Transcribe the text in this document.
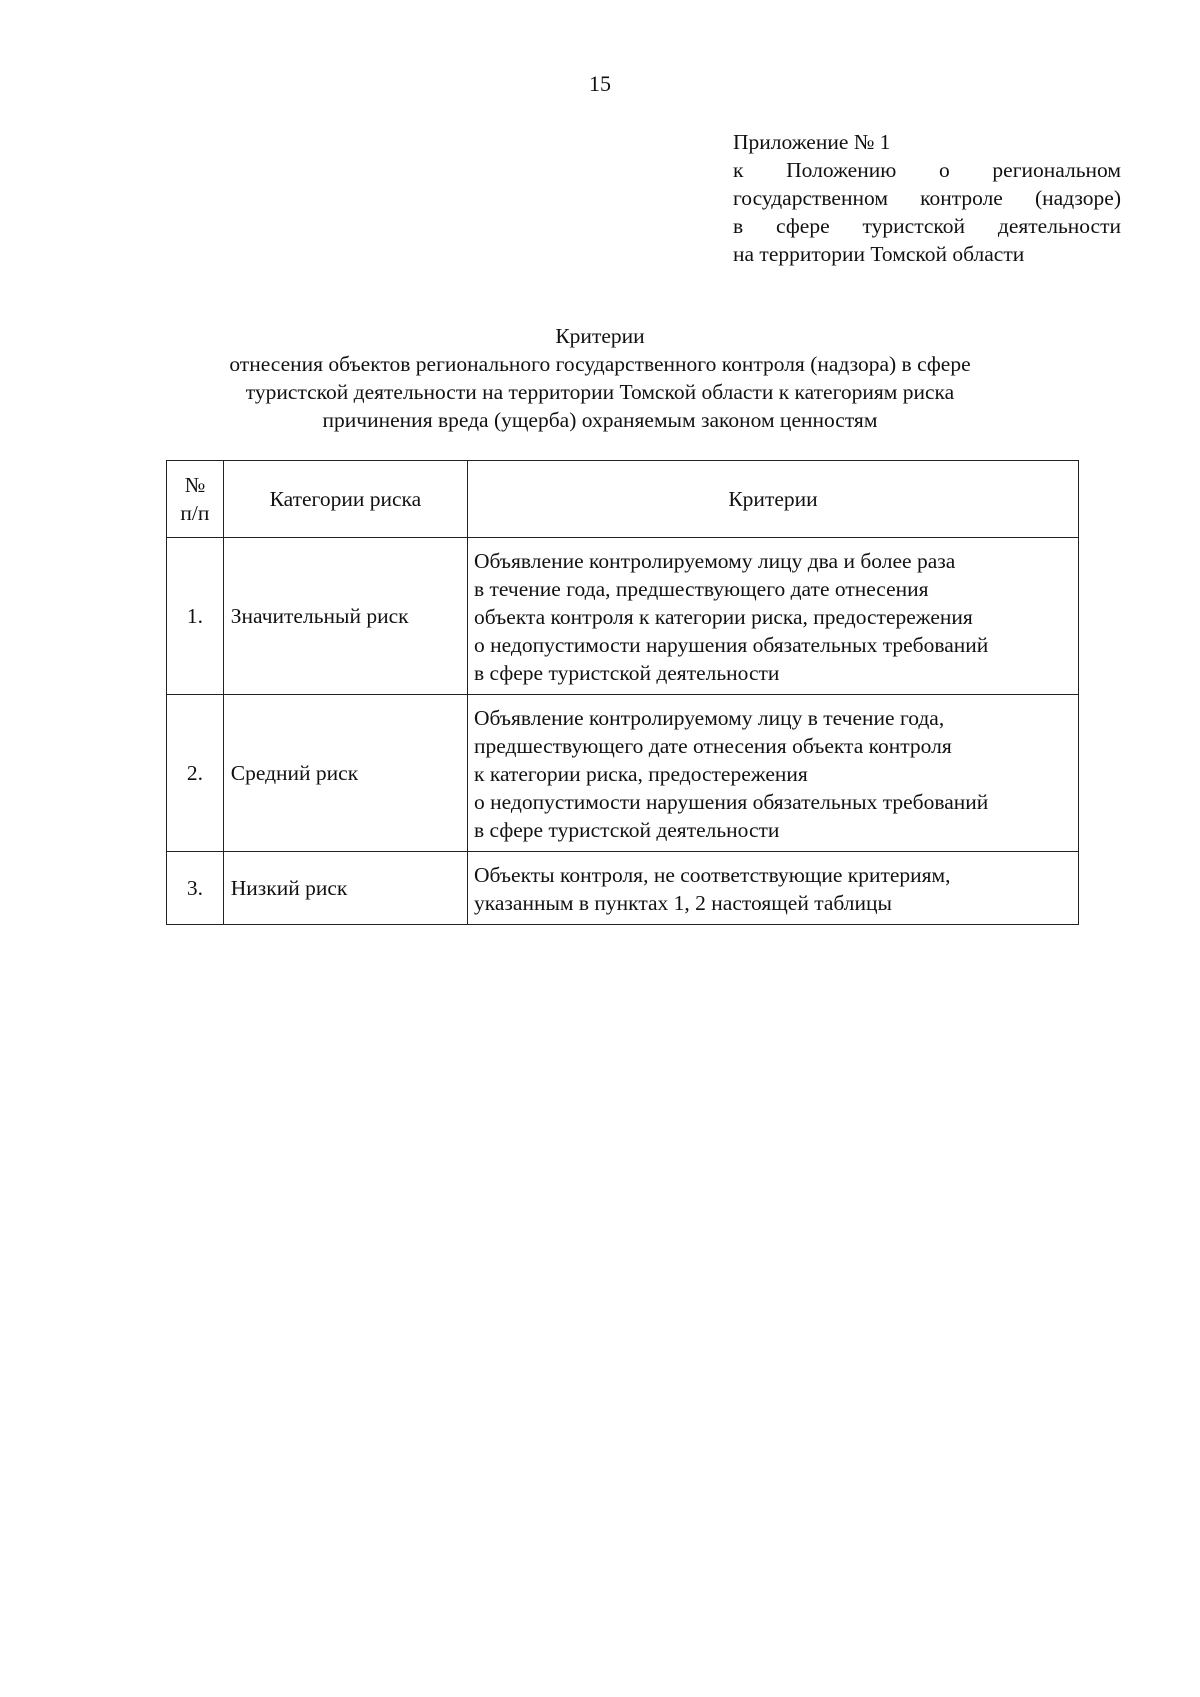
15
Приложение № 1
к Положению о региональном
государственном контроле (надзоре)
в сфере туристской деятельности
на территории Томской области
Критерии
отнесения объектов регионального государственного контроля (надзора) в сфере
туристской деятельности на территории Томской области к категориям риска
причинения вреда (ущерба) охраняемым законом ценностям
№
п/п	Категории риска	Критерии
1.	Значительный риск	Объявление контролируемому лицу два и более раза
в течение года, предшествующего дате отнесения
объекта контроля к категории риска, предостережения
о недопустимости нарушения обязательных требований
в сфере туристской деятельности

2.	Средний риск	Объявление контролируемому лицу в течение года,
предшествующего дате отнесения объекта контроля
к категории риска, предостережения
о недопустимости нарушения обязательных требований
в сфере туристской деятельности

3.	Низкий риск	Объекты контроля, не соответствующие критериям,
указанным в пунктах 1, 2 настоящей таблицы
